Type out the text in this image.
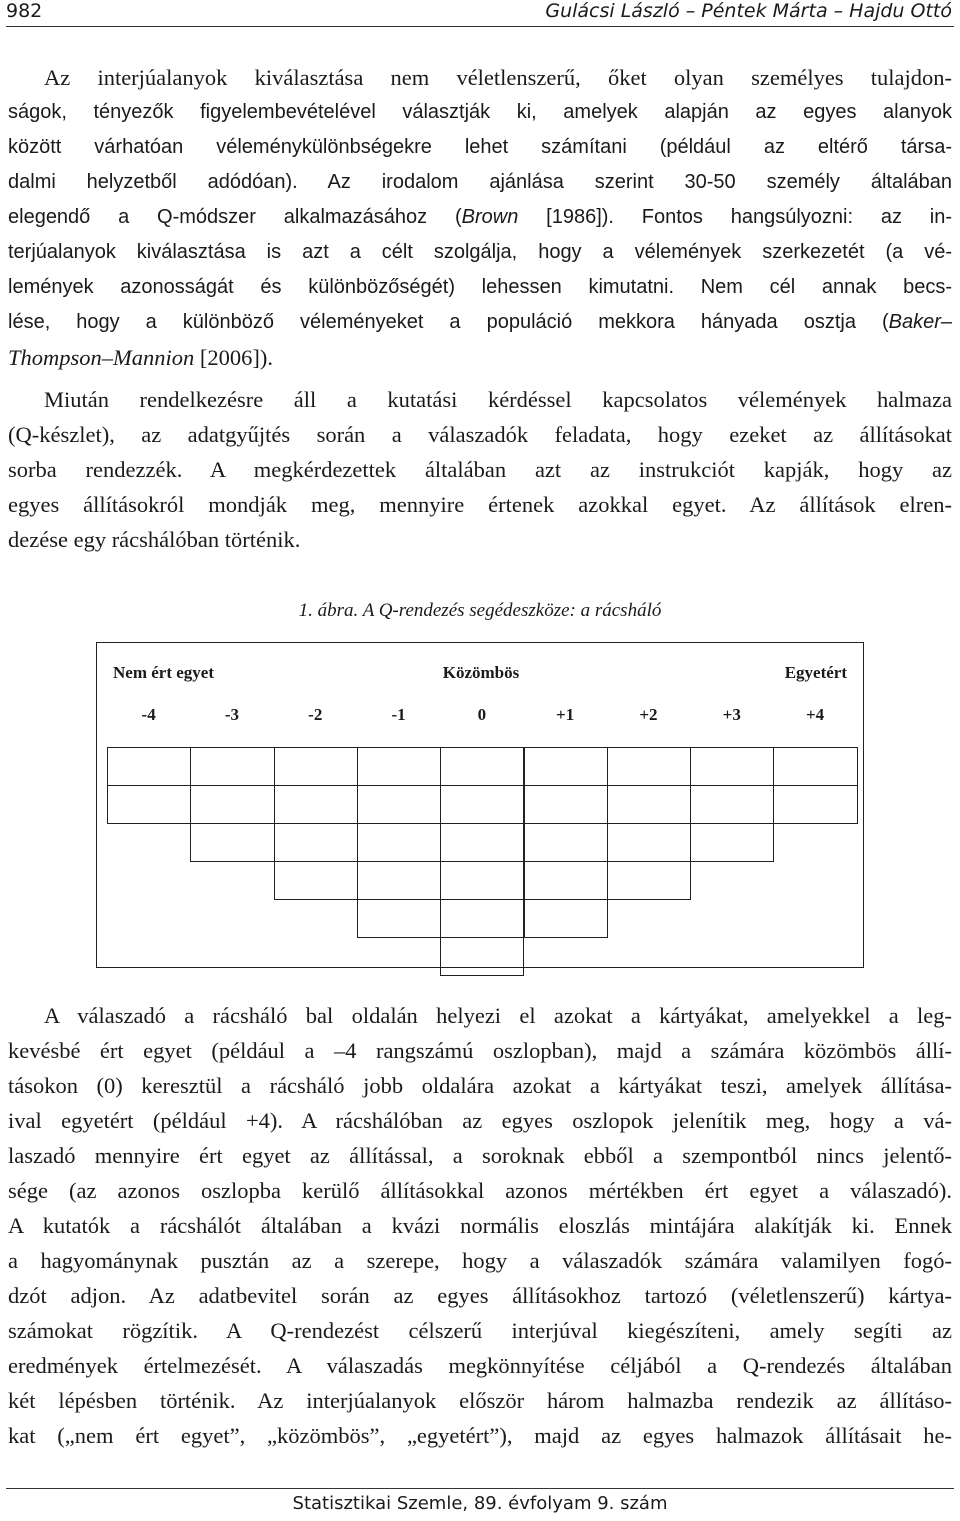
982	Gulácsi László – Péntek Márta – Hajdu Ottó
Az interjúalanyok kiválasztása nem véletlenszerű, őket olyan személyes tulajdon-
ságok, tényezők figyelembevételével választják ki, amelyek alapján az egyes alanyok
között várhatóan véleménykülönbségekre lehet számítani (például az eltérő társa-
dalmi helyzetből adódóan). Az irodalom ajánlása szerint 30-50 személy általában
elegendő a Q-módszer alkalmazásához (Brown [1986]). Fontos hangsúlyozni: az in-
terjúalanyok kiválasztása is azt a célt szolgálja, hogy a vélemények szerkezetét (a vé-
lemények azonosságát és különbözőségét) lehessen kimutatni. Nem cél annak becs-
lése, hogy a különböző véleményeket a populáció mekkora hányada osztja (Baker–
Thompson–Mannion [2006]).
Miután rendelkezésre áll a kutatási kérdéssel kapcsolatos vélemények halmaza
(Q-készlet), az adatgyűjtés során a válaszadók feladata, hogy ezeket az állításokat
sorba rendezzék. A megkérdezettek általában azt az instrukciót kapják, hogy az
egyes állításokról mondják meg, mennyire értenek azokkal egyet. Az állítások elren-
dezése egy rácshálóban történik.
1. ábra. A Q-rendezés segédeszköze: a rácsháló
Nem ért egyet	Közömbös	Egyetért
-4	-3	-2	-1	0	+1	+2	+3	+4
A válaszadó a rácsháló bal oldalán helyezi el azokat a kártyákat, amelyekkel a leg-
kevésbé ért egyet (például a –4 rangszámú oszlopban), majd a számára közömbös állí-
tásokon (0) keresztül a rácsháló jobb oldalára azokat a kártyákat teszi, amelyek állítása-
ival egyetért (például +4). A rácshálóban az egyes oszlopok jelenítik meg, hogy a vá-
laszadó mennyire ért egyet az állítással, a soroknak ebből a szempontból nincs jelentő-
sége (az azonos oszlopba kerülő állításokkal azonos mértékben ért egyet a válaszadó).
A kutatók a rácshálót általában a kvázi normális eloszlás mintájára alakítják ki. Ennek
a hagyománynak pusztán az a szerepe, hogy a válaszadók számára valamilyen fogó-
dzót adjon. Az adatbevitel során az egyes állításokhoz tartozó (véletlenszerű) kártya-
számokat rögzítik. A Q-rendezést célszerű interjúval kiegészíteni, amely segíti az
eredmények értelmezését. A válaszadás megkönnyítése céljából a Q-rendezés általában
két lépésben történik. Az interjúalanyok először három halmazba rendezik az állításo-
kat („nem ért egyet”, „közömbös”, „egyetért”), majd az egyes halmazok állításait he-
Statisztikai Szemle, 89. évfolyam 9. szám
